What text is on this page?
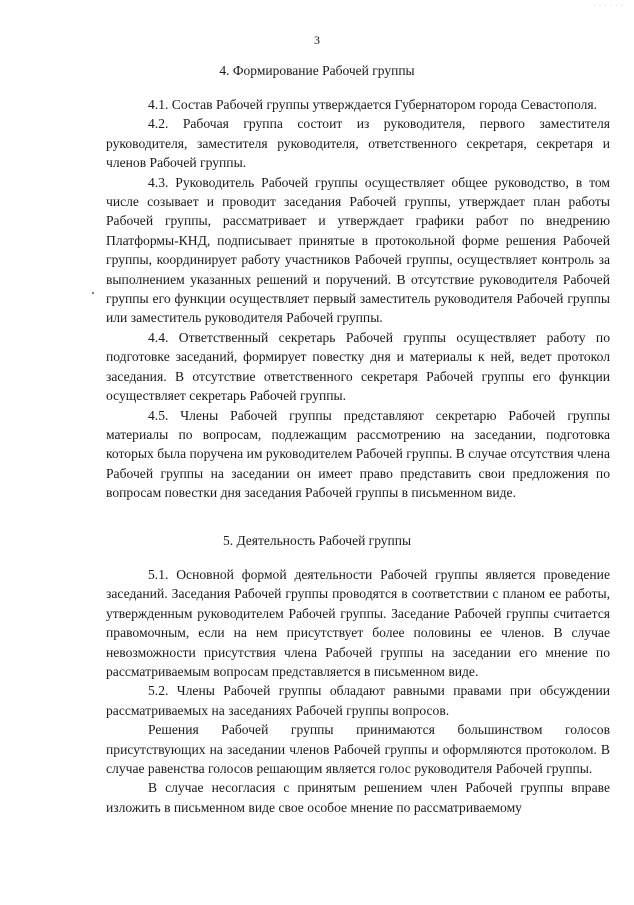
· · · · · ·
3
4. Формирование Рабочей группы

4.1. Состав Рабочей группы утверждается Губернатором города Севастополя.

4.2. Рабочая группа состоит из руководителя, первого заместителя руководителя, заместителя руководителя, ответственного секретаря, секретаря и членов Рабочей группы.

4.3. Руководитель Рабочей группы осуществляет общее руководство, в том числе созывает и проводит заседания Рабочей группы, утверждает план работы Рабочей группы, рассматривает и утверждает графики работ по внедрению Платформы-КНД, подписывает принятые в протокольной форме решения Рабочей группы, координирует работу участников Рабочей группы, осуществляет контроль за выполнением указанных решений и поручений. В отсутствие руководителя Рабочей группы его функции осуществляет первый заместитель руководителя Рабочей группы или заместитель руководителя Рабочей группы.

4.4. Ответственный секретарь Рабочей группы осуществляет работу по подготовке заседаний, формирует повестку дня и материалы к ней, ведет протокол заседания. В отсутствие ответственного секретаря Рабочей группы его функции осуществляет секретарь Рабочей группы.

4.5. Члены Рабочей группы представляют секретарю Рабочей группы материалы по вопросам, подлежащим рассмотрению на заседании, подготовка которых была поручена им руководителем Рабочей группы. В случае отсутствия члена Рабочей группы на заседании он имеет право представить свои предложения по вопросам повестки дня заседания Рабочей группы в письменном виде.

5. Деятельность Рабочей группы

5.1. Основной формой деятельности Рабочей группы является проведение заседаний. Заседания Рабочей группы проводятся в соответствии с планом ее работы, утвержденным руководителем Рабочей группы. Заседание Рабочей группы считается правомочным, если на нем присутствует более половины ее членов. В случае невозможности присутствия члена Рабочей группы на заседании его мнение по рассматриваемым вопросам представляется в письменном виде.

5.2. Члены Рабочей группы обладают равными правами при обсуждении рассматриваемых на заседаниях Рабочей группы вопросов.

Решения Рабочей группы принимаются большинством голосов присутствующих на заседании членов Рабочей группы и оформляются протоколом. В случае равенства голосов решающим является голос руководителя Рабочей группы.

В случае несогласия с принятым решением член Рабочей группы вправе изложить в письменном виде свое особое мнение по рассматриваемому
